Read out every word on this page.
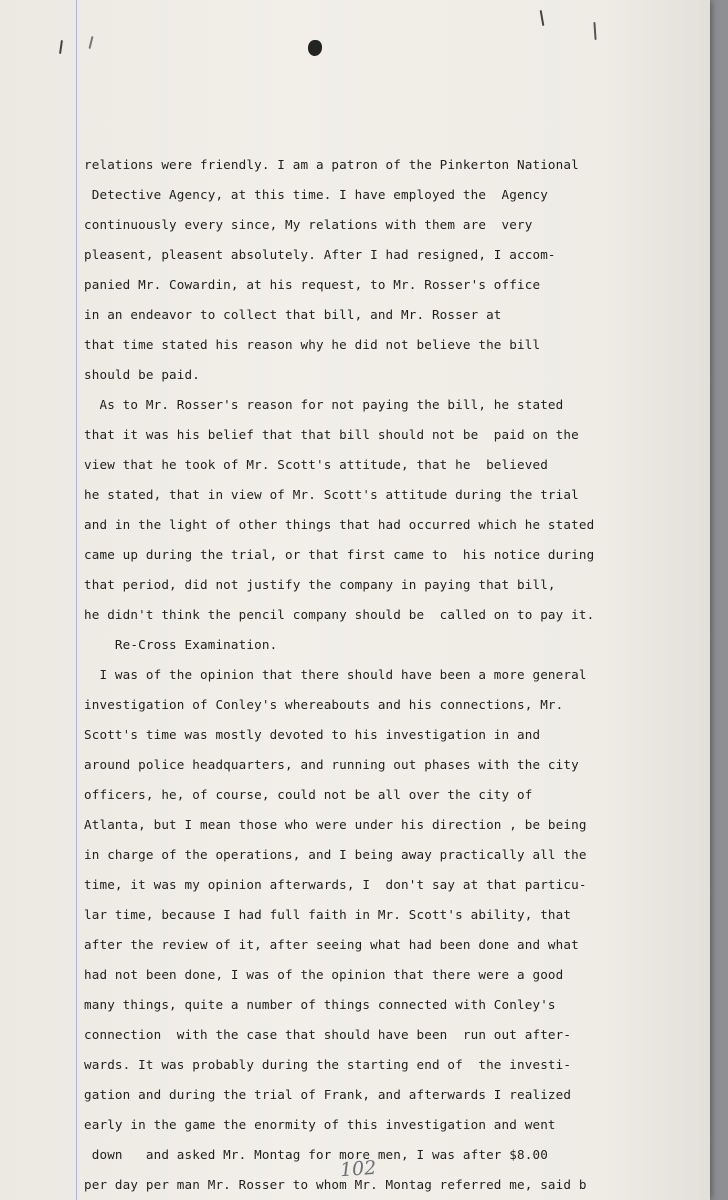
relations were friendly. I am a patron of the Pinkerton National
Detective Agency, at this time. I have employed the  Agency
continuously every since, My relations with them are  very
pleasent, pleasent absolutely. After I had resigned, I accom-
panied Mr. Cowardin, at his request, to Mr. Rosser's office
in an endeavor to collect that bill, and Mr. Rosser at
that time stated his reason why he did not believe the bill
should be paid.
As to Mr. Rosser's reason for not paying the bill, he stated
that it was his belief that that bill should not be  paid on the
view that he took of Mr. Scott's attitude, that he  believed
he stated, that in view of Mr. Scott's attitude during the trial
and in the light of other things that had occurred which he stated
came up during the trial, or that first came to  his notice during
that period, did not justify the company in paying that bill,
he didn't think the pencil company should be  called on to pay it.
Re-Cross Examination.
I was of the opinion that there should have been a more general
investigation of Conley's whereabouts and his connections, Mr.
Scott's time was mostly devoted to his investigation in and
around police headquarters, and running out phases with the city
officers, he, of course, could not be all over the city of
Atlanta, but I mean those who were under his direction , be being
in charge of the operations, and I being away practically all the
time, it was my opinion afterwards, I  don't say at that particu-
lar time, because I had full faith in Mr. Scott's ability, that
after the review of it, after seeing what had been done and what
had not been done, I was of the opinion that there were a good
many things, quite a number of things connected with Conley's
connection  with the case that should have been  run out after-
wards. It was probably during the starting end of  the investi-
gation and during the trial of Frank, and afterwards I realized
early in the game the enormity of this investigation and went
down   and asked Mr. Montag for more men, I was after $8.00
per day per man Mr. Rosser to whom Mr. Montag referred me, said b
102
